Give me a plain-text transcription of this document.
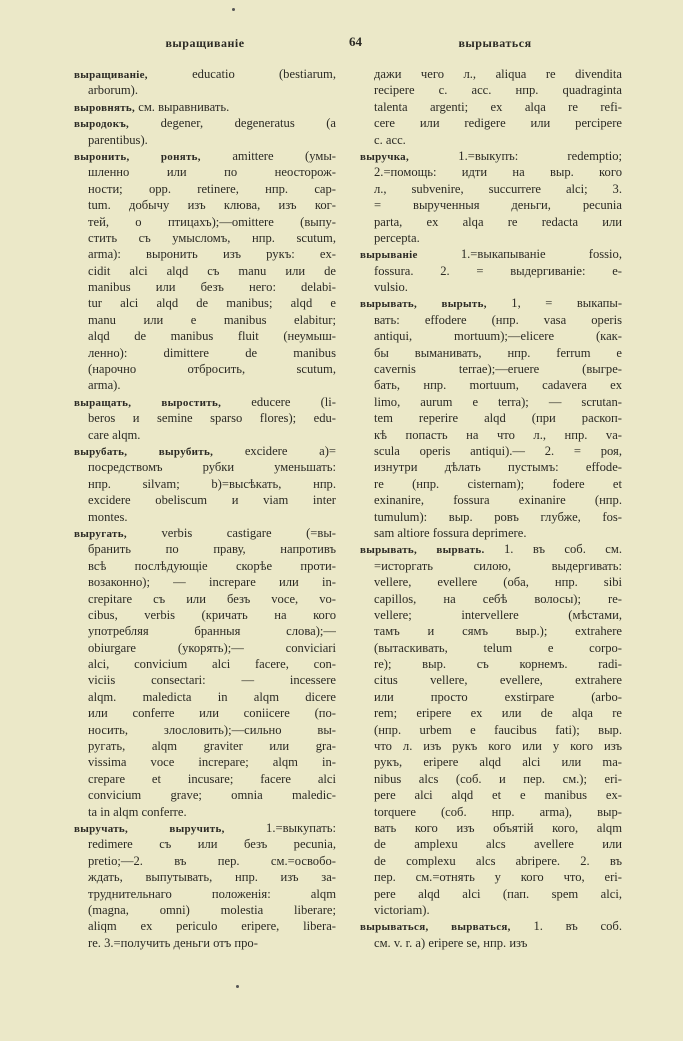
выращиванiе	64	вырываться
выращиванiе,	educatio (bestiarum,
arborum).
выровнять, см. выравнивать.
выродокъ,	degener, degeneratus (a
parentibus).
выронить, ронять, amittere (умы-
шленно или по неосторож-
ности; opp. retinere, нпр. cap-
tum. добычу изъ клюва, изъ ког-
тей, о птицахъ);—omittere (выпу-
стить съ умысломъ, нпр. scutum,
arma): выронить изъ рукъ: ex-
cidit alci alqd съ manu или de
manibus или безъ него: delabi-
tur alci alqd de manibus; alqd e
manu или e manibus elabitur;
alqd de manibus fluit (неумыш-
ленно): dimittere de manibus
(нарочно отбросить, scutum,
arma).
выращать, выростить, educere (li-
beros и semine sparso flores); edu-
care alqm.
вырубать, вырубить,	excidere a)=
посредствомъ рубки уменьшать:
нпр. silvam; b)=высѣкать, нпр.
excidere obeliscum и viam inter
montes.
выругать,	verbis castigare (=вы-
бранить по праву, напротивъ
всѣ послѣдующiе скорѣе проти-
возаконно); — increpare или in-
crepitare съ или безъ voce, vo-
cibus, verbis (кричать на кого
употребляя бранныя слова);—
obiurgare (укорять);— conviciari
alci, convicium alci facere, con-
viciis consectari: — incessere
alqm. maledicta in alqm dicere
или conferre или coniicere (по-
носить, злословить);—сильно вы-
ругать, alqm graviter или gra-
vissima voce increpare; alqm in-
crepare et incusare; facere alci
convicium grave; omnia maledic-
ta in alqm conferre.
выручать, выручить,	1.=выкупать:
redimere съ или безъ pecunia,
pretio;—2. въ пер. см.=освобо-
ждать, выпутывать, нпр. изъ за-
труднительнаго положенiя: alqm
(magna, omni) molestia liberare;
aliqm ex periculo eripere, libera-
re. 3.=получить деньги отъ про-
дажи чего л., aliqua re divendita
recipere c. acc. нпр. quadraginta
talenta argenti; ex alqa re refi-
cere или redigere или percipere
c. acc.
выручка,	1.=выкупъ: redemptio;
2.=помощь: идти на выр. кого
л., subvenire, succurrere alci; 3.
= вырученныя деньги, pecunia
parta, ex alqa re redacta или
percepta.
вырыванiе	1.=выкапыванiе fossio,
fossura. 2. = выдергиванiе: e-
vulsio.
вырывать, вырыть, 1, = выкапы-
вать: effodere (нпр. vasa operis
antiqui, mortuum);—elicere (как-
бы выманивать, нпр. ferrum e
cavernis terrae);—eruere (выгре-
бать, нпр. mortuum, cadavera ex
limo, aurum e terra); — scrutan-
tem reperire alqd (при раскоп-
кѣ попасть на что л., нпр. va-
scula operis antiqui).— 2. = роя,
изнутри дѣлать пустымъ: effode-
re (нпр. cisternam); fodere et
exinanire, fossura exinanire (нпр.
tumulum): выр. ровъ глубже, fos-
sam altiore fossura deprimere.
вырывать, вырвать. 1. въ соб. см.
=исторгать силою, выдергивать:
vellere, evellere (оба, нпр. sibi
capillos, на себѣ волосы); re-
vellere; intervellere (мѣстами,
тамъ и сямъ выр.); extrahere
(вытаскивать, telum e corpo-
re); выр. съ корнемъ. radi-
citus vellere, evellere, extrahere
или просто exstirpare (arbo-
rem; eripere ex или de alqa re
(нпр. urbem e faucibus fati); выр.
что л. изъ рукъ кого или у кого изъ
рукъ, eripere alqd alci или ma-
nibus alcs (соб. и пер. см.); eri-
pere alci alqd et e manibus ex-
torquere (соб. нпр. arma), выр-
вать кого изъ объятiй кого, alqm
de amplexu alcs avellere или
de complexu alcs abripere. 2. въ
пер. см.=отнять у кого что, eri-
pere alqd alci (пап. spem alci,
victoriam).
вырываться, вырваться, 1. въ соб.
см. v. r. a) eripere se, нпр. изъ
